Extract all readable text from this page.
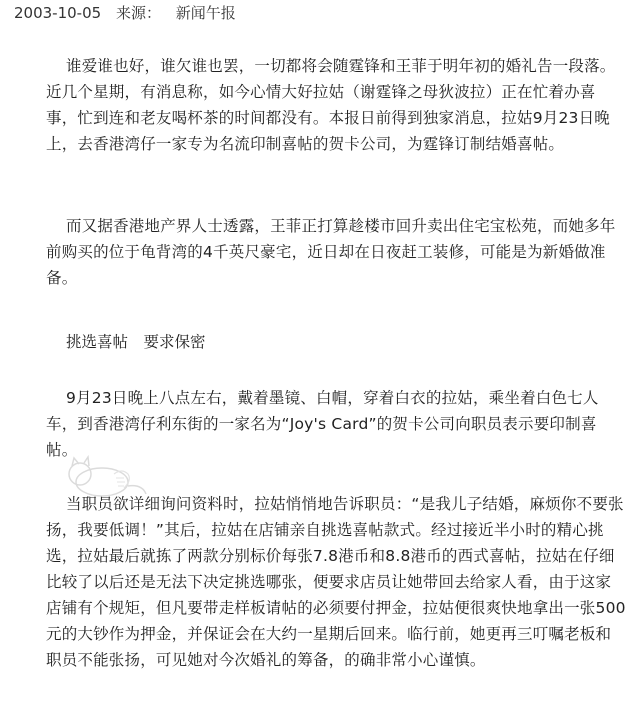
2003-10-05 来源： 新闻午报

谁爱谁也好，谁欠谁也罢，一切都将会随霆锋和王菲于明年初的婚礼告一段落。近几个星期，有消息称，如今心情大好拉姑（谢霆锋之母狄波拉）正在忙着办喜事，忙到连和老友喝杯茶的时间都没有。本报日前得到独家消息，拉姑9月23日晚上，去香港湾仔一家专为名流印制喜帖的贺卡公司，为霆锋订制结婚喜帖。

而又据香港地产界人士透露，王菲正打算趁楼市回升卖出住宅宝松苑，而她多年前购买的位于龟背湾的4千英尺豪宅，近日却在日夜赶工装修，可能是为新婚做准备。

挑选喜帖　要求保密

9月23日晚上八点左右，戴着墨镜、白帽，穿着白衣的拉姑，乘坐着白色七人车，到香港湾仔利东街的一家名为“Joy's Card”的贺卡公司向职员表示要印制喜帖。

当职员欲详细询问资料时，拉姑悄悄地告诉职员：“是我儿子结婚，麻烦你不要张扬，我要低调！”其后，拉姑在店铺亲自挑选喜帖款式。经过接近半小时的精心挑选，拉姑最后就拣了两款分别标价每张7.8港币和8.8港币的西式喜帖，拉姑在仔细比较了以后还是无法下决定挑选哪张，便要求店员让她带回去给家人看，由于这家店铺有个规矩，但凡要带走样板请帖的必须要付押金，拉姑便很爽快地拿出一张500元的大钞作为押金，并保证会在大约一星期后回来。临行前，她更再三叮嘱老板和职员不能张扬，可见她对今次婚礼的筹备，的确非常小心谨慎。
